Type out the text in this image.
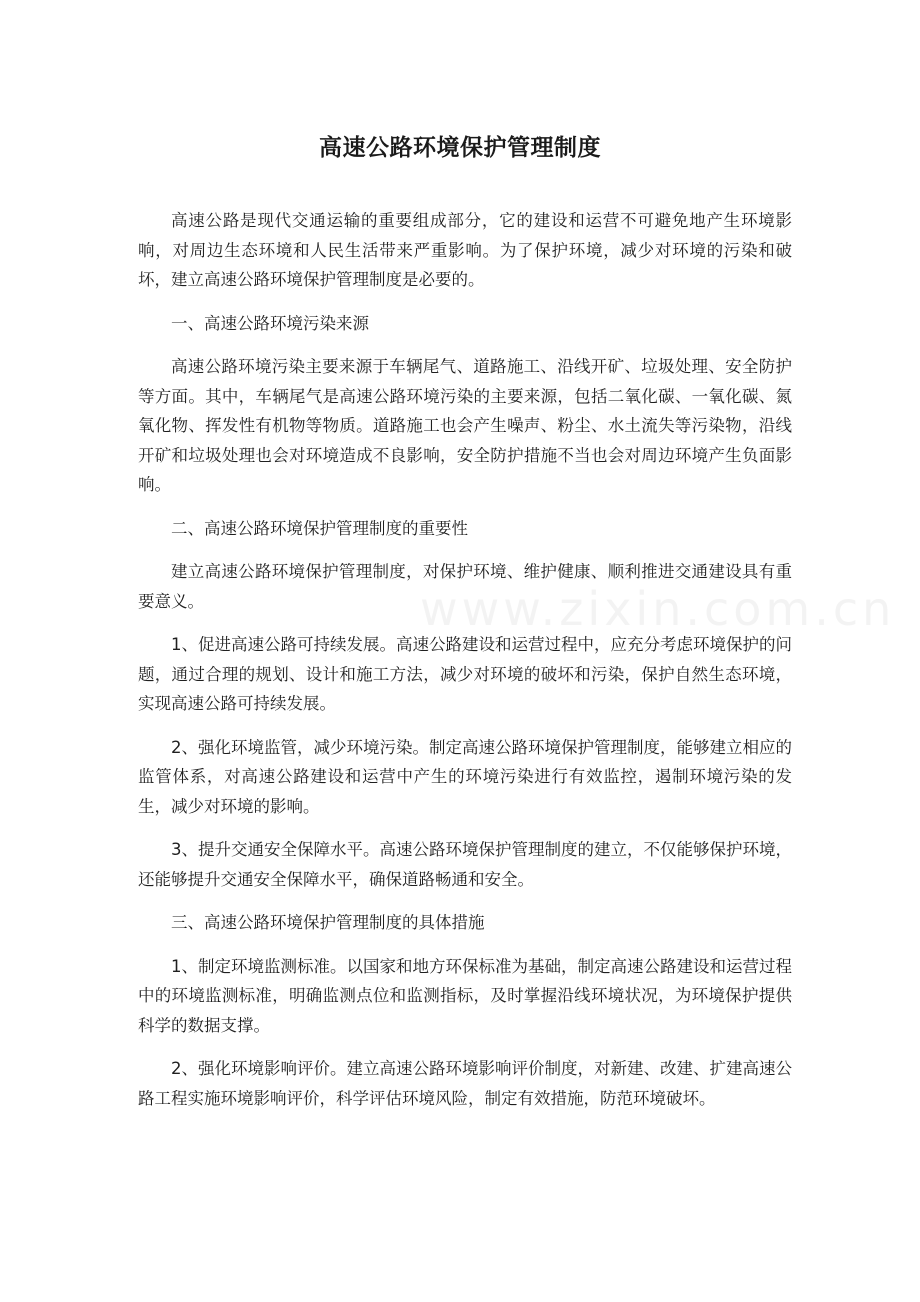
www.zixin.com.cn
高速公路环境保护管理制度

高速公路是现代交通运输的重要组成部分，它的建设和运营不可避免地产生环境影响，对周边生态环境和人民生活带来严重影响。为了保护环境，减少对环境的污染和破坏，建立高速公路环境保护管理制度是必要的。

一、高速公路环境污染来源

高速公路环境污染主要来源于车辆尾气、道路施工、沿线开矿、垃圾处理、安全防护等方面。其中，车辆尾气是高速公路环境污染的主要来源，包括二氧化碳、一氧化碳、氮氧化物、挥发性有机物等物质。道路施工也会产生噪声、粉尘、水土流失等污染物，沿线开矿和垃圾处理也会对环境造成不良影响，安全防护措施不当也会对周边环境产生负面影响。

二、高速公路环境保护管理制度的重要性

建立高速公路环境保护管理制度，对保护环境、维护健康、顺利推进交通建设具有重要意义。

1、促进高速公路可持续发展。高速公路建设和运营过程中，应充分考虑环境保护的问题，通过合理的规划、设计和施工方法，减少对环境的破坏和污染，保护自然生态环境，实现高速公路可持续发展。

2、强化环境监管，减少环境污染。制定高速公路环境保护管理制度，能够建立相应的监管体系，对高速公路建设和运营中产生的环境污染进行有效监控，遏制环境污染的发生，减少对环境的影响。

3、提升交通安全保障水平。高速公路环境保护管理制度的建立，不仅能够保护环境，还能够提升交通安全保障水平，确保道路畅通和安全。

三、高速公路环境保护管理制度的具体措施

1、制定环境监测标准。以国家和地方环保标准为基础，制定高速公路建设和运营过程中的环境监测标准，明确监测点位和监测指标，及时掌握沿线环境状况，为环境保护提供科学的数据支撑。

2、强化环境影响评价。建立高速公路环境影响评价制度，对新建、改建、扩建高速公路工程实施环境影响评价，科学评估环境风险，制定有效措施，防范环境破坏。
